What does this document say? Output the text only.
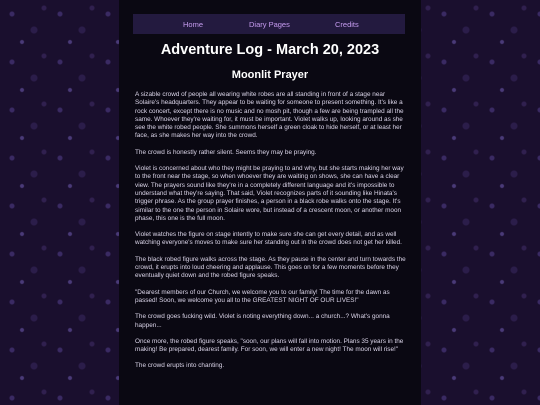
Home	Diary Pages	Credits
Adventure Log - March 20, 2023
Moonlit Prayer

A sizable crowd of people all wearing white robes are all standing in front of a stage near Solaire's headquarters. They appear to be waiting for someone to present something. It's like a rock concert, except there is no music and no mosh pit, though a few are being trampled all the same. Whoever they're waiting for, it must be important. Violet walks up, looking around as she see the white robed people. She summons herself a green cloak to hide herself, or at least her face, as she makes her way into the crowd.

The crowd is honestly rather silent. Seems they may be praying.

Violet is concerned about who they might be praying to and why, but she starts making her way to the front near the stage, so when whoever they are waiting on shows, she can have a clear view. The prayers sound like they're in a completely different language and it's impossible to understand what they're saying. That said, Violet recognizes parts of it sounding like Hinata's trigger phrase. As the group prayer finishes, a person in a black robe walks onto the stage. It's similar to the one the person in Solaire wore, but instead of a crescent moon, or another moon phase, this one is the full moon.

Violet watches the figure on stage intently to make sure she can get every detail, and as well watching everyone's moves to make sure her standing out in the crowd does not get her killed.

The black robed figure walks across the stage. As they pause in the center and turn towards the crowd, it erupts into loud cheering and applause. This goes on for a few moments before they eventually quiet down and the robed figure speaks.

"Dearest members of our Church, we welcome you to our family! The time for the dawn as passed! Soon, we welcome you all to the GREATEST NIGHT OF OUR LIVES!"

The crowd goes fucking wild. Violet is noting everything down... a church...? What's gonna happen...

Once more, the robed figure speaks, "soon, our plans will fall into motion. Plans 35 years in the making! Be prepared, dearest family. For soon, we will enter a new night! The moon will rise!"

The crowd erupts into chanting.
